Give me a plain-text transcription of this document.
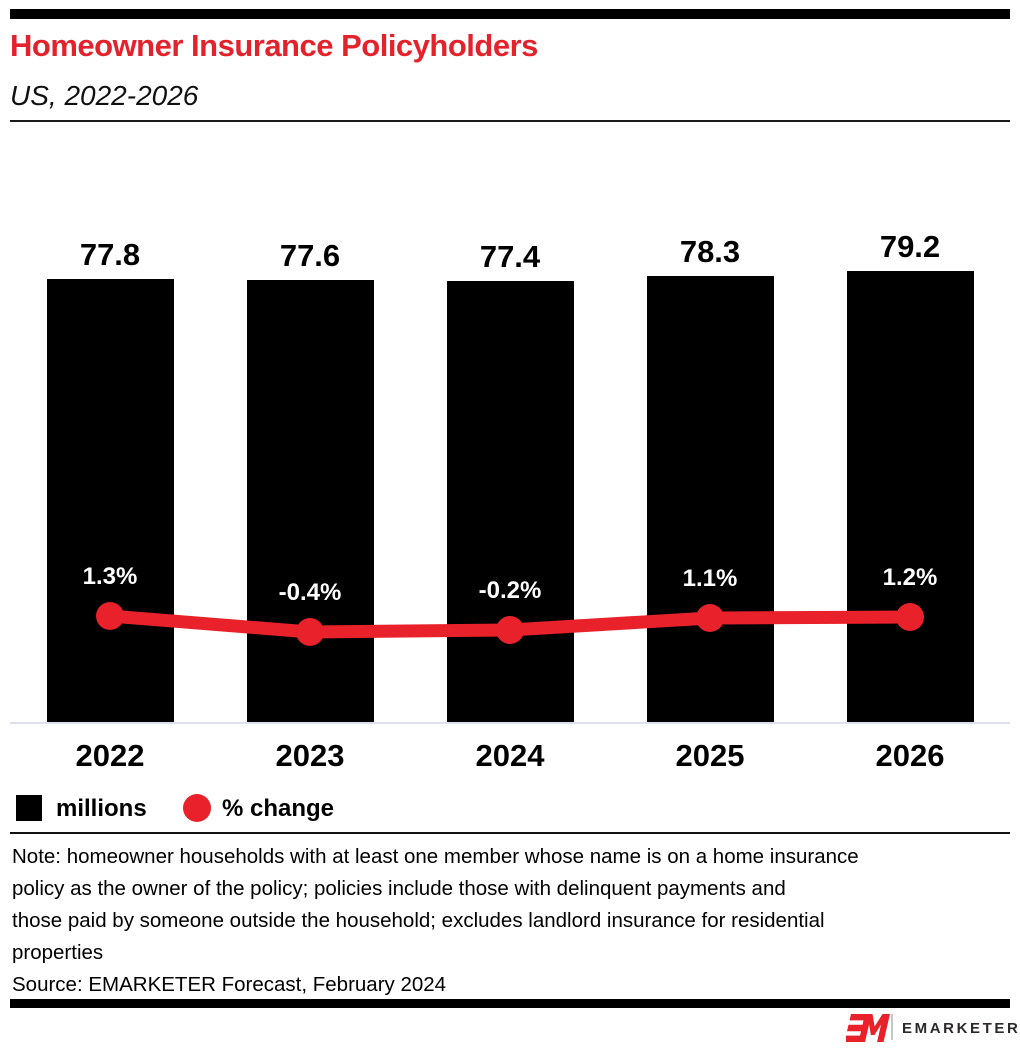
Homeowner Insurance Policyholders
US, 2022-2026
77.8	77.6	77.4	78.3	79.2
millions	% change
Note: homeowner households with at least one member whose name is on a home insurance
policy as the owner of the policy; policies include those with delinquent payments and
those paid by someone outside the household; excludes landlord insurance for residential
properties
Source: EMARKETER Forecast, February 2024
EMARKETER
1.3%
2022
-0.4%
2023
-0.2%
2024
1.1%
2025
1.2%
2026
